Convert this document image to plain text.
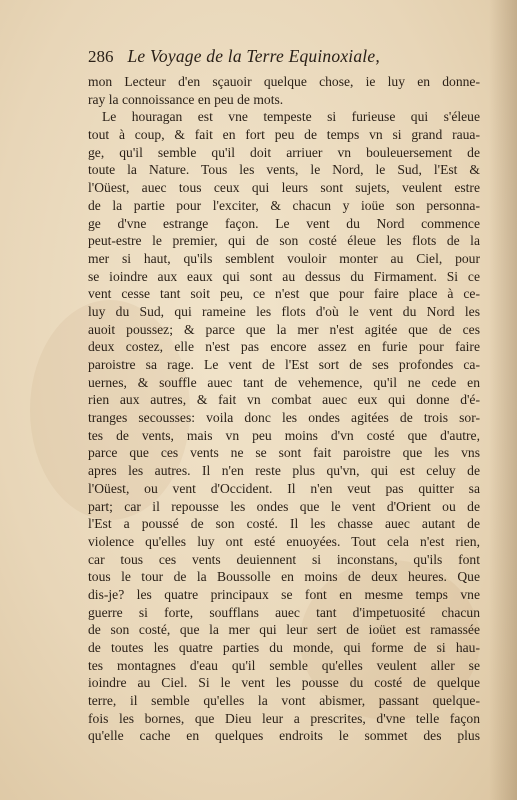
286 Le Voyage de la Terre Equinoxiale,
mon Lecteur d'en sçauoir quelque chose, ie luy en donne-
ray la connoissance en peu de mots.
Le houragan est vne tempeste si furieuse qui s'éleue
tout à coup, & fait en fort peu de temps vn si grand raua-
ge, qu'il semble qu'il doit arriuer vn bouleuersement de
toute la Nature. Tous les vents, le Nord, le Sud, l'Est &
l'Oüest, auec tous ceux qui leurs sont sujets, veulent estre
de la partie pour l'exciter, & chacun y ioüe son personna-
ge d'vne estrange façon. Le vent du Nord commence
peut-estre le premier, qui de son costé éleue les flots de la
mer si haut, qu'ils semblent vouloir monter au Ciel, pour
se ioindre aux eaux qui sont au dessus du Firmament. Si ce
vent cesse tant soit peu, ce n'est que pour faire place à ce-
luy du Sud, qui rameine les flots d'où le vent du Nord les
auoit poussez; & parce que la mer n'est agitée que de ces
deux costez, elle n'est pas encore assez en furie pour faire
paroistre sa rage. Le vent de l'Est sort de ses profondes ca-
uernes, & souffle auec tant de vehemence, qu'il ne cede en
rien aux autres, & fait vn combat auec eux qui donne d'é-
tranges secousses: voila donc les ondes agitées de trois sor-
tes de vents, mais vn peu moins d'vn costé que d'autre,
parce que ces vents ne se sont fait paroistre que les vns
apres les autres. Il n'en reste plus qu'vn, qui est celuy de
l'Oüest, ou vent d'Occident. Il n'en veut pas quitter sa
part; car il repousse les ondes que le vent d'Orient ou de
l'Est a poussé de son costé. Il les chasse auec autant de
violence qu'elles luy ont esté enuoyées. Tout cela n'est rien,
car tous ces vents deuiennent si inconstans, qu'ils font
tous le tour de la Boussolle en moins de deux heures. Que
dis-je? les quatre principaux se font en mesme temps vne
guerre si forte, soufflans auec tant d'impetuosité chacun
de son costé, que la mer qui leur sert de ioüet est ramassée
de toutes les quatre parties du monde, qui forme de si hau-
tes montagnes d'eau qu'il semble qu'elles veulent aller se
ioindre au Ciel. Si le vent les pousse du costé de quelque
terre, il semble qu'elles la vont abismer, passant quelque-
fois les bornes, que Dieu leur a prescrites, d'vne telle façon
qu'elle cache en quelques endroits le sommet des plus
